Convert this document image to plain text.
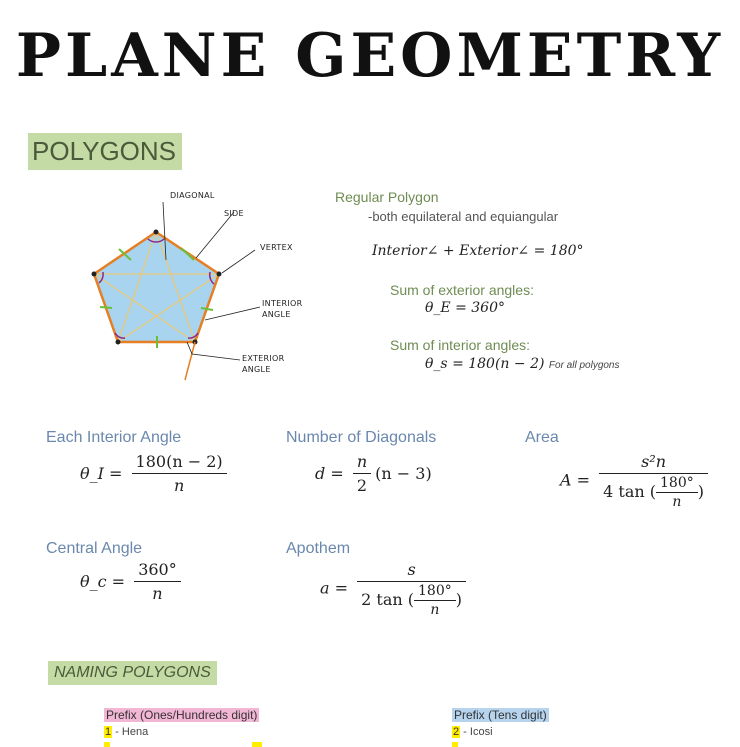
PLANE GEOMETRY
POLYGONS
DIAGONAL
SIDE
VERTEX
INTERIOR
ANGLE
EXTERIOR
ANGLE
Regular Polygon
-both equilateral and equiangular
Interior∠ + Exterior∠ = 180°
Sum of exterior angles:
θ_E = 360°
Sum of interior angles:
θ_s = 180(n − 2) For all polygons
Each Interior Angle
θ_I = $\frac{180(n - 2)}{n}$
Number of Diagonals
$d = \frac{n}{2} (n - 3)$
Area
$A = \frac{\text{s²n}}{4 \tan ( \frac{180^\circ}{n} )}$
Central Angle
θ_c = $\frac{360^\circ}{n}$
Apothem
$a = \frac{s}{2 \tan ( \frac{180^\circ}{n} )}$
NAMING POLYGONS
Prefix (Ones/Hundreds digit)	Prefix (Tens digit)
1 - Hena	2 - Icosi
